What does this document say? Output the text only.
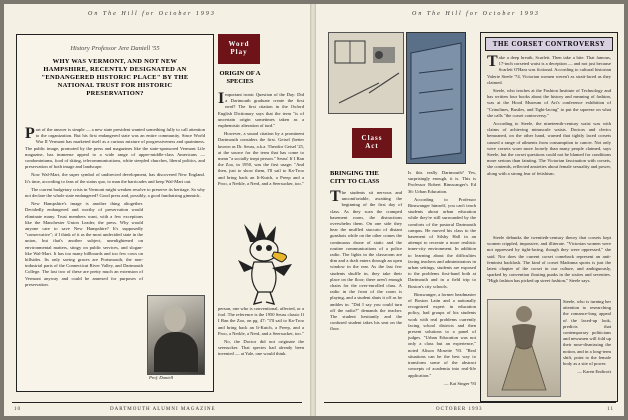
On The Hill for October 1993
History Professor Jere Daniell '55
WHY WAS VERMONT, AND NOT NEW HAMPSHIRE, RECENTLY DESIGNATED AN "ENDANGERED HISTORIC PLACE" BY THE NATIONAL TRUST FOR HISTORIC PRESERVATION?

Part of the answer is simple — a new state president wanted something fully to call attention to the organization. But his first endangered state was an entire community. Since World War II Vermont has marketed itself as a curious mixture of progressiveness and quaintness. The public image, promoted by the press and magazines like the state-sponsored Vermont Life magazine, has immense appeal to a wide range of upper-middle-class Americans — condominiums, food of skiing, telecommunications, white steepled churches, liberal politics, and preservation of both image and landscape.

Now Wal-Mart, the super symbol of undirected development, has discovered New England. It's time, according to fans of the status quo, to man the barricades and keep Wal-Mart out.

The current budgetary crisis in Vermont might weaken resolve to preserve its heritage. So why not declare the whole state endangered? Good press and, possibly, a good fundraising gimmick.

New Hampshire's image is another thing altogether. Decidedly endangered and worthy of preservation would eliminate many. Trust members want, with a few exceptions like the Manchester Union Leader, the press. Why would anyone care to save New Hampshire? It's supposedly "conservative"; if I think of it as the most undecided state in the union, but that's another subject, unenlightened on environmental matters, stingy on public services, and slogan-like Wal-Mart. It has too many billboards and too few cows on hillsides. Its only saving graces are Portsmouth, the non-industrial parts of the Connecticut River Valley, and Dartmouth College. The last two of these are pretty much an extension of Vermont anyway and could be annexed for purposes of preservation.

Prof. Daniell
Word
Play
ORIGIN OF A SPECIES

Important ironic Question of the Day: Did a Dartmouth graduate create the first nerd? The first citation in the Oxford English Dictionary says that the term "is of uncertain origin sometimes taken as a euphemistic alteration of turd."

However, a sound citation by a prominent Dartmouth considers the first. Geisel (better known as Dr. Seuss, a.k.a. Theodor Geisel '25, at the source for the term that has come to mean "a socially inept person." Seuss' If I Ran the Zoo, in 1950, was the first usage: "And then, just to show them, I'll sail to Ka-Troo and bring back an It-Kutch, a Preep and a Proo, a Nerkle, a Nerd, and a Seersucker, too."

person, one who is conventional, affected, or a fool. The reference is the 1950 Seuss classic If I Ran the Zoo, on pg. 47: "I'll sail to Ka-Troo and bring back an It-Kutch, a Preep, and a Proo, a Nerkle, a Nerd, and a Seersucker, too."

No, the Doctor did not originate the seersucker. That species had already been invented — at Yale, one would think.

10	DARTMOUTH ALUMNI MAGAZINE
On The Hill for October 1993
Class
Act
BRINGING THE CITY TO CLASS

The students sit nervous and uncomfortable, awaiting the beginning of the first day of class. As they scan the cramped basement room, the distractions overwhelm them. On one side they hear the muffled staccato of distant gunshots while on the other comes the continuous drone of static and the routine communications of a police radio. The lights in the classroom are dim and a draft enters through an open window in the rear. As the last few students shuffle in, they take their place on the floor; there aren't enough chairs for the over-enrolled class. A radio in the front of the room is playing, and a student shuts it off as he ambles in. "Did I say you could turn off the radio?" demands the teacher. The student hesitantly and the confused student takes his seat on the floor.

Is this really Dartmouth? Yes, surprisingly enough, it is. This is Professor Robert Binswanger's Ed 36: Urban Education.

According to Professor Binswanger himself, you can't teach students about urban education while they're still surrounded by the comforts of the pastoral Dartmouth campus. He moved his class to the basement of Silsby Hall in an attempt to recreate a more realistic inner-city environment. In addition to learning about the difficulties facing teachers and administrators in urban settings, students are exposed to the problems first-hand both at Dartmouth and in a field trip to Boston's city schools.

Binswanger, a former headmaster of Boston Latin and a nationally recognized expert in education policy, had groups of his students work with real problems currently facing school districts and then present solutions to a panel of judges. "Urban Education was not only a class but an experience," noted Alison Mosette '93. "Real situations can be the best way to transform some of the abstract concepts of academia into real-life application."

— Kai Singer '93

THE CORSET CONTROVERSY

Take a deep breath, Scarlett. Then take a bite. That famous, 17-inch corseted waist is a deception — and not just because Scarlett O'Hara was fictional. According to cultural historian Valerie Steele '74, Victorian women weren't as strait-laced as they claimed.

Steele, who teaches at the Fashion Institute of Technology and has written four books about the history and meaning of fashion, was at the Hood Museum of Art's conference exhibition of "Crinolines, Bustles, and Tight-lacing" to put the squeeze on what she calls "the corset controversy."

According to Steele, the nineteenth-century waist was with claims of achieving minuscule waists. Doctors and clerics bemoaned, on the other hand, warned that tightly laced corsets caused a range of ailments from consumption to cancer. Not only were corsets worn more loosely than many people claimed, says Steele, but the corset questions could not be blamed for conditions more serious than fainting. The Victorian fascination with corsets, she contends, reflected anxieties about female sexuality and power, along with a strong fear of fetishism.

Steele debunks the twentieth-century theory that corsets kept women crippled, impassive, and illiterate. "Victorian women were not oppressed by tight-lacing, though they were oppressed," she said. Nor does the current corset comeback represent an anti-feminist backlash. The kind of corset Madonna sports is just the latest chapter of the corset in our culture, and ambiguously, sparked by convention flouting punks in the sixties and seventies. "High fashion has picked up street fashion," Steele says.

Steele, who is turning her attention to researching the romance-long appeal of the laced-up look, predicts that contemporary politicians and newsmen will fold up their nose-dismissing the notion, and in a long-term shift, point to the female body as a site of power.

— Karen Endicott

OCTOBER 1993	11
